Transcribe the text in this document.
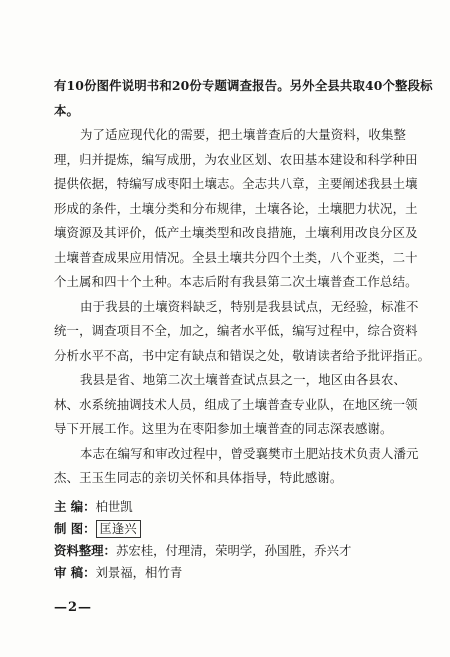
有10份图件说明书和20份专题调查报告。另外全县共取40个整段标
本。
为了适应现代化的需要，把土壤普查后的大量资料，收集整
理，归并提炼，编写成册，为农业区划、农田基本建设和科学种田
提供依据，特编写成枣阳土壤志。全志共八章，主要阐述我县土壤
形成的条件，土壤分类和分布规律，土壤各论，土壤肥力状况，土
壤资源及其评价，低产土壤类型和改良措施，土壤利用改良分区及
土壤普查成果应用情况。全县土壤共分四个土类，八个亚类，二十
个土属和四十个土种。本志后附有我县第二次土壤普查工作总结。
由于我县的土壤资料缺乏，特别是我县试点，无经验，标准不
统一，调查项目不全，加之，编者水平低，编写过程中，综合资料
分析水平不高，书中定有缺点和错误之处，敬请读者给予批评指正。
我县是省、地第二次土壤普查试点县之一，地区由各县农、
林、水系统抽调技术人员，组成了土壤普查专业队，在地区统一领
导下开展工作。这里为在枣阳参加土壤普查的同志深表感谢。
本志在编写和审改过程中，曾受襄樊市土肥站技术负责人潘元
杰、王玉生同志的亲切关怀和具体指导，特此感谢。
主 编：柏世凯
制 图： 匡逢兴
资料整理：苏宏桂，付理清，荣明学，孙国胜，乔兴才
审 稿：刘景福，相竹青
—2—
